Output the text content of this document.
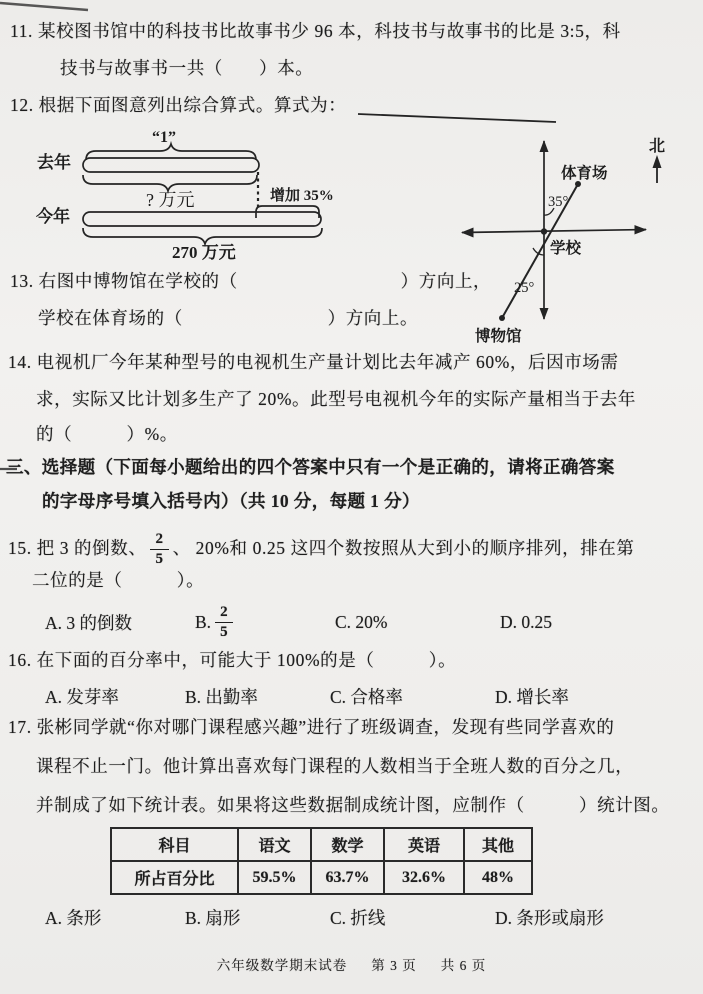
11. 某校图书馆中的科技书比故事书少 96 本，科技书与故事书的比是 3:5，科
技书与故事书一共（　　）本。
12. 根据下面图意列出综合算式。算式为：
13. 右图中博物馆在学校的（　　　　　　　　　）方向上，
学校在体育场的（　　　　　　　　）方向上。
14. 电视机厂今年某种型号的电视机生产量计划比去年减产 60%，后因市场需
求，实际又比计划多生产了 20%。此型号电视机今年的实际产量相当于去年
的（　　　）%。
三、选择题（下面每小题给出的四个答案中只有一个是正确的，请将正确答案
的字母序号填入括号内）（共 10 分，每题 1 分）
15. 把 3 的倒数、 $\frac{2}{5}$ 、 20%和 0.25 这四个数按照从大到小的顺序排列，排在第
二位的是（　　　）。
A. 3 的倒数	B. $\frac{2}{5}$	C. 20%	D. 0.25
16. 在下面的百分率中，可能大于 100%的是（　　　）。
A. 发芽率	B. 出勤率	C. 合格率	D. 增长率
17. 张彬同学就“你对哪门课程感兴趣”进行了班级调查，发现有些同学喜欢的
课程不止一门。他计算出喜欢每门课程的人数相当于全班人数的百分之几，
并制成了如下统计表。如果将这些数据制成统计图，应制作（　　　）统计图。
科目	语文	数学	英语	其他
所占百分比	59.5%	63.7%	32.6%	48%
A. 条形	B. 扇形	C. 折线	D. 条形或扇形
六年级数学期末试卷 第 3 页 共 6 页
“1”
去年
? 万元	增加 35%
今年
270 万元
北
体育场
35°
学校
25°
博物馆
